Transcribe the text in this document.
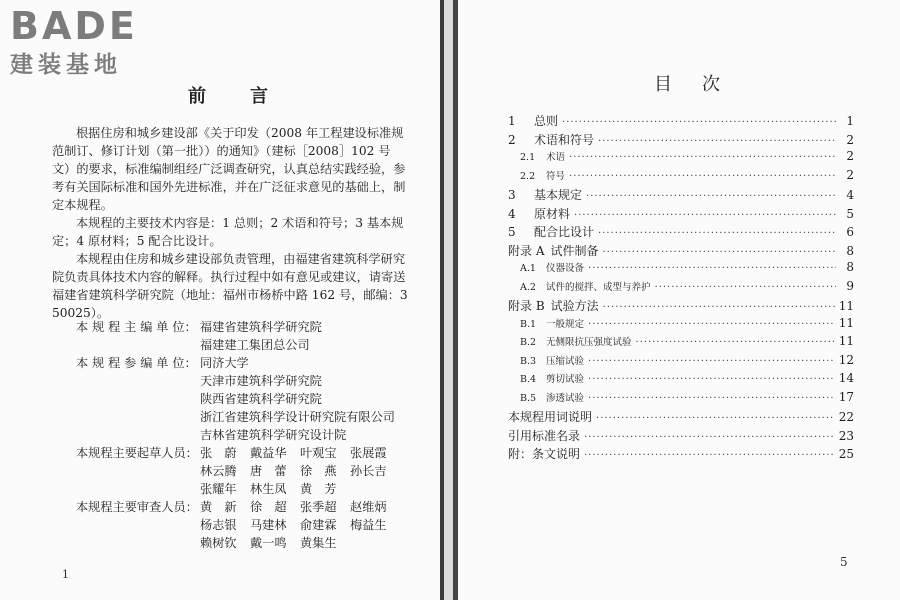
BADE
建装基地
前 言

根据住房和城乡建设部《关于印发（2008 年工程建设标准规范制订、修订计划（第一批））的通知》（建标［2008］102 号文）的要求，标准编制组经广泛调查研究，认真总结实践经验，参考有关国际标准和国外先进标准，并在广泛征求意见的基础上，制定本规程。

本规程的主要技术内容是：1 总则；2 术语和符号；3 基本规定；4 原材料；5 配合比设计。

本规程由住房和城乡建设部负责管理，由福建省建筑科学研究院负责具体技术内容的解释。执行过程中如有意见或建议，请寄送福建省建筑科学研究院（地址：福州市杨桥中路 162 号，邮编：350025）。

本 规 程 主 编 单 位： 福建省建筑科学研究院
福建建工集团总公司
本 规 程 参 编 单 位： 同济大学
天津市建筑科学研究院
陕西省建筑科学研究院
浙江省建筑科学设计研究院有限公司
吉林省建筑科学研究设计院
本规程主要起草人员： 张　蔚	戴益华	叶观宝	张展霞
林云腾	唐　蕾	徐　燕	孙长吉
张耀年	林生凤	黄　芳
本规程主要审查人员： 黄　新	徐　超	张季超	赵维炳
杨志银	马建林	俞建霖	梅益生
赖树钦	戴一鸣	黄集生
1
目 次
1	总则 ·····	1
2	术语和符号 ·····	2
2.1	术语 ·····	2
2.2	符号 ·····	2
3	基本规定 ·····	4
4	原材料 ·····	5
5	配合比设计 ·····	6
附录 A 试件制备 ·····	8
A.1	仪器设备 ·····	8
A.2	试件的搅拌、成型与养护 ·····	9
附录 B 试验方法 ·····	11
B.1	一般规定 ·····	11
B.2	无侧限抗压强度试验 ·····	11
B.3	压缩试验 ·····	12
B.4	剪切试验 ·····	14
B.5	渗透试验 ·····	17
本规程用词说明 ·····	22
引用标准名录 ·····	23
附：条文说明 ·····	25
5
